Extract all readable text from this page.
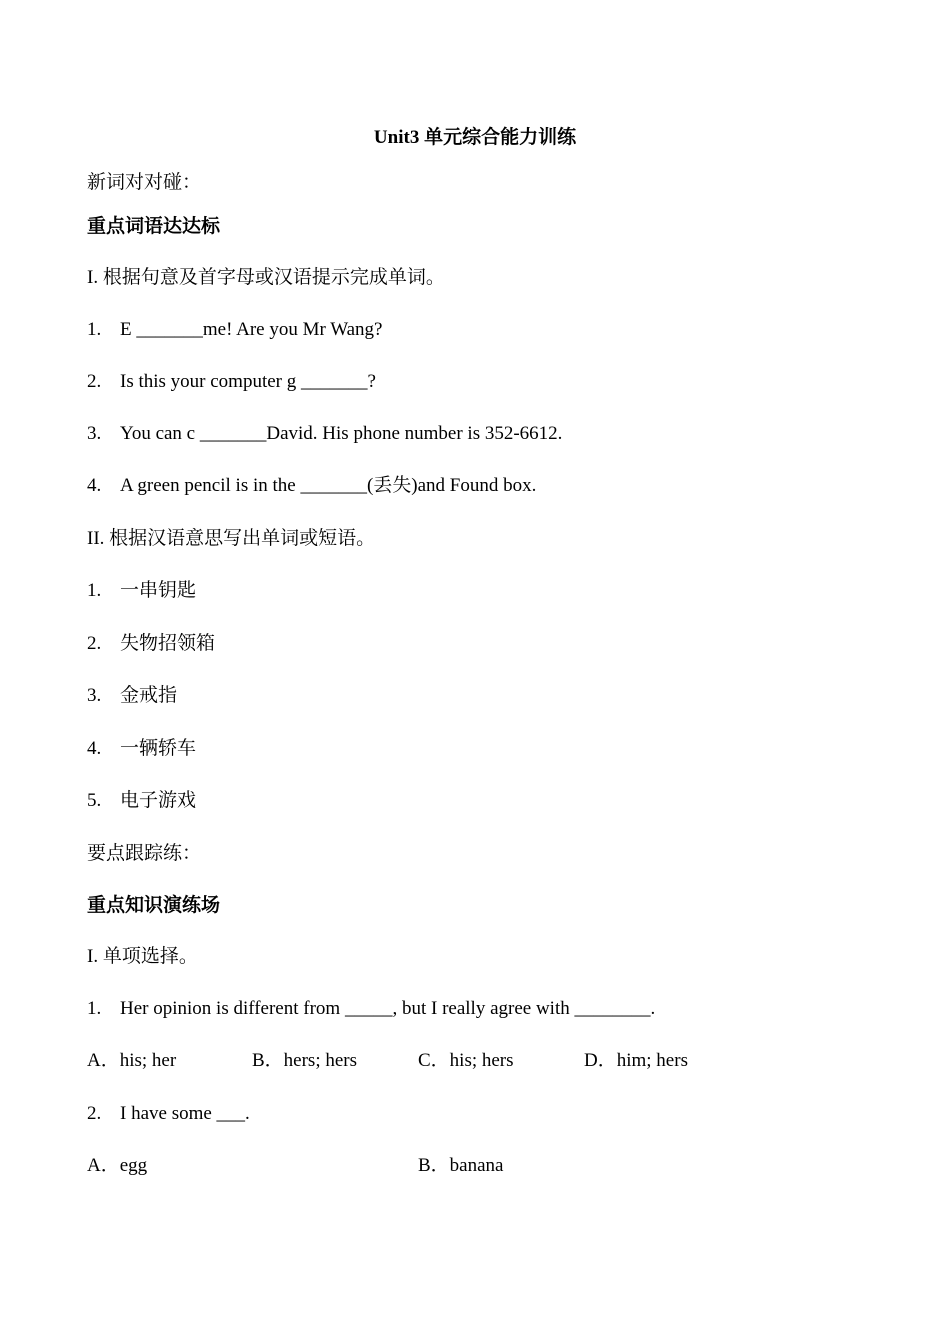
Unit3 单元综合能力训练
新词对对碰：
重点词语达达标
I. 根据句意及首字母或汉语提示完成单词。
1. E _______me! Are you Mr Wang?
2. Is this your computer g _______?
3. You can c _______David. His phone number is 352-6612.
4. A green pencil is in the _______(丢失)and Found box.
II. 根据汉语意思写出单词或短语。
1. 一串钥匙
2. 失物招领箱
3. 金戒指
4. 一辆轿车
5. 电子游戏
要点跟踪练：
重点知识演练场
I. 单项选择。
1. Her opinion is different from _____, but I really agree with ________.
A．his; her	B．hers; hers	C．his; hers	D．him; hers
2. I have some ___.
A．egg	B．banana
